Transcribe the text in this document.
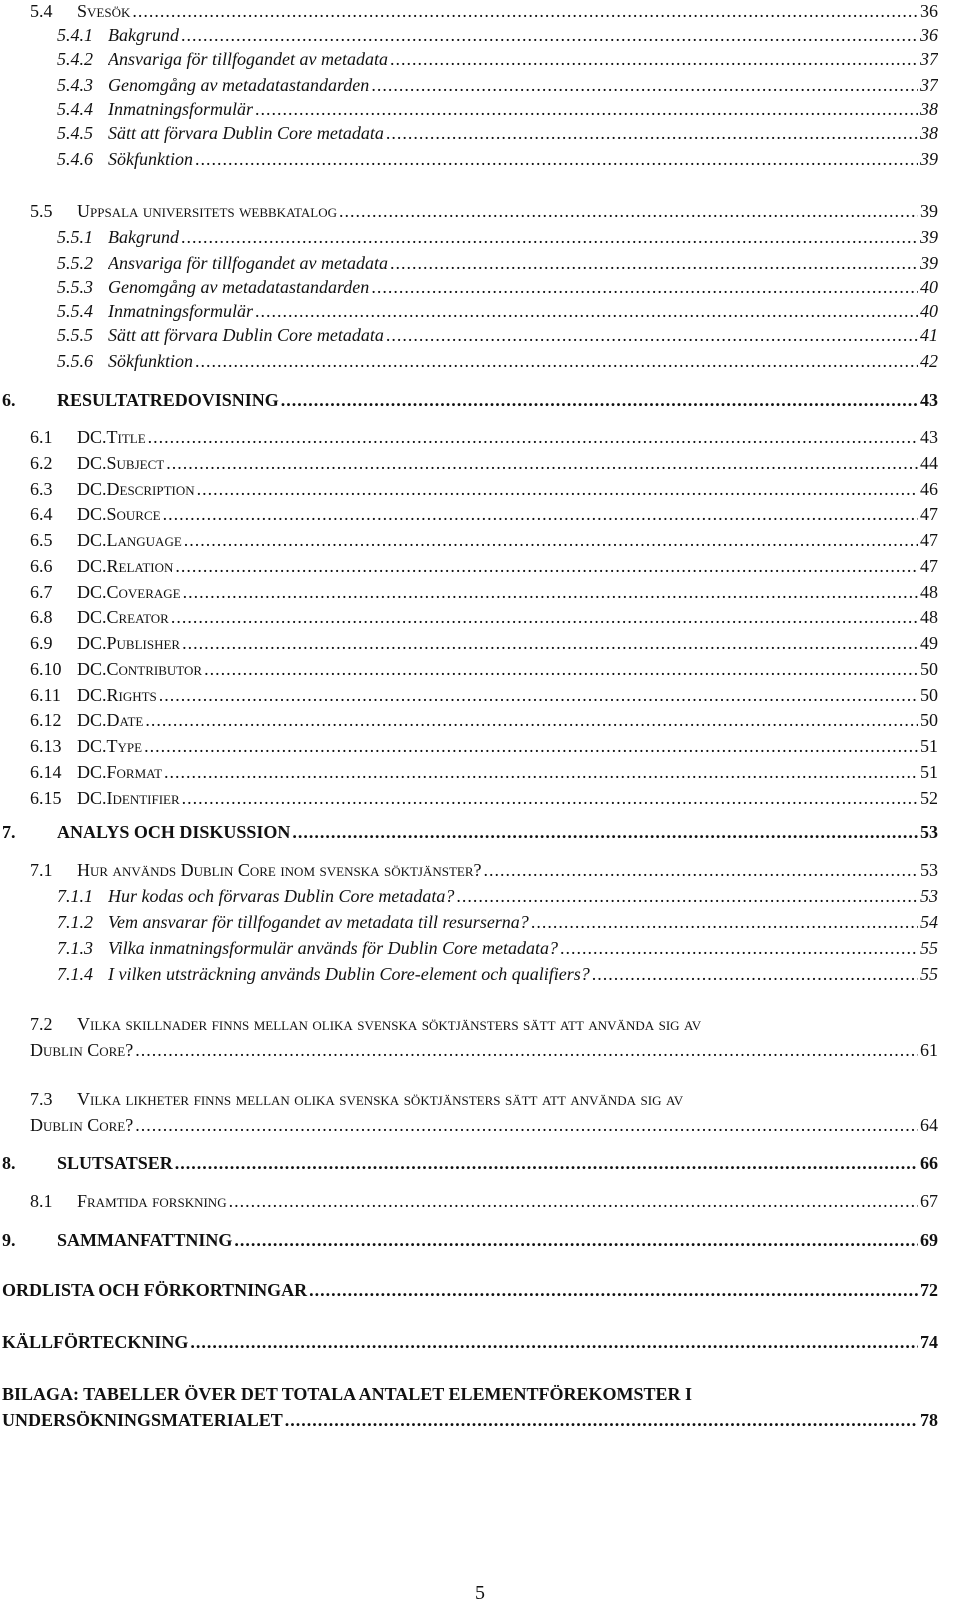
5.4 Svesök .....	36
5.4.1 Bakgrund .....	36
5.4.2 Ansvariga för tillfogandet av metadata .....	37
5.4.3 Genomgång av metadatastandarden .....	37
5.4.4 Inmatningsformulär .....	38
5.4.5 Sätt att förvara Dublin Core metadata .....	38
5.4.6 Sökfunktion .....	39
5.5 Uppsala universitets webbkatalog .....	39
5.5.1 Bakgrund .....	39
5.5.2 Ansvariga för tillfogandet av metadata .....	39
5.5.3 Genomgång av metadatastandarden .....	40
5.5.4 Inmatningsformulär .....	40
5.5.5 Sätt att förvara Dublin Core metadata .....	41
5.5.6 Sökfunktion .....	42
6. RESULTATREDOVISNING .....	43
6.1 DC.Title .....	43
6.2 DC.Subject .....	44
6.3 DC.Description .....	46
6.4 DC.Source .....	47
6.5 DC.Language .....	47
6.6 DC.Relation .....	47
6.7 DC.Coverage .....	48
6.8 DC.Creator .....	48
6.9 DC.Publisher .....	49
6.10 DC.Contributor .....	50
6.11 DC.Rights .....	50
6.12 DC.Date .....	50
6.13 DC.Type .....	51
6.14 DC.Format .....	51
6.15 DC.Identifier .....	52
7. ANALYS OCH DISKUSSION .....	53
7.1 Hur används Dublin Core inom svenska söktjänster? .....	53
7.1.1 Hur kodas och förvaras Dublin Core metadata? .....	53
7.1.2 Vem ansvarar för tillfogandet av metadata till resurserna? .....	54
7.1.3 Vilka inmatningsformulär används för Dublin Core metadata? .....	55
7.1.4 I vilken utsträckning används Dublin Core-element och qualifiers? .....	55
7.2 Vilka skillnader finns mellan olika svenska söktjänsters sätt att använda sig av
Dublin Core? .....	61
7.3 Vilka likheter finns mellan olika svenska söktjänsters sätt att använda sig av
Dublin Core? .....	64
8. SLUTSATSER .....	66
8.1 Framtida forskning .....	67
9. SAMMANFATTNING .....	69
ORDLISTA OCH FÖRKORTNINGAR .....	72
KÄLLFÖRTECKNING .....	74
BILAGA: TABELLER ÖVER DET TOTALA ANTALET ELEMENTFÖREKOMSTER I
UNDERSÖKNINGSMATERIALET .....	78
5
